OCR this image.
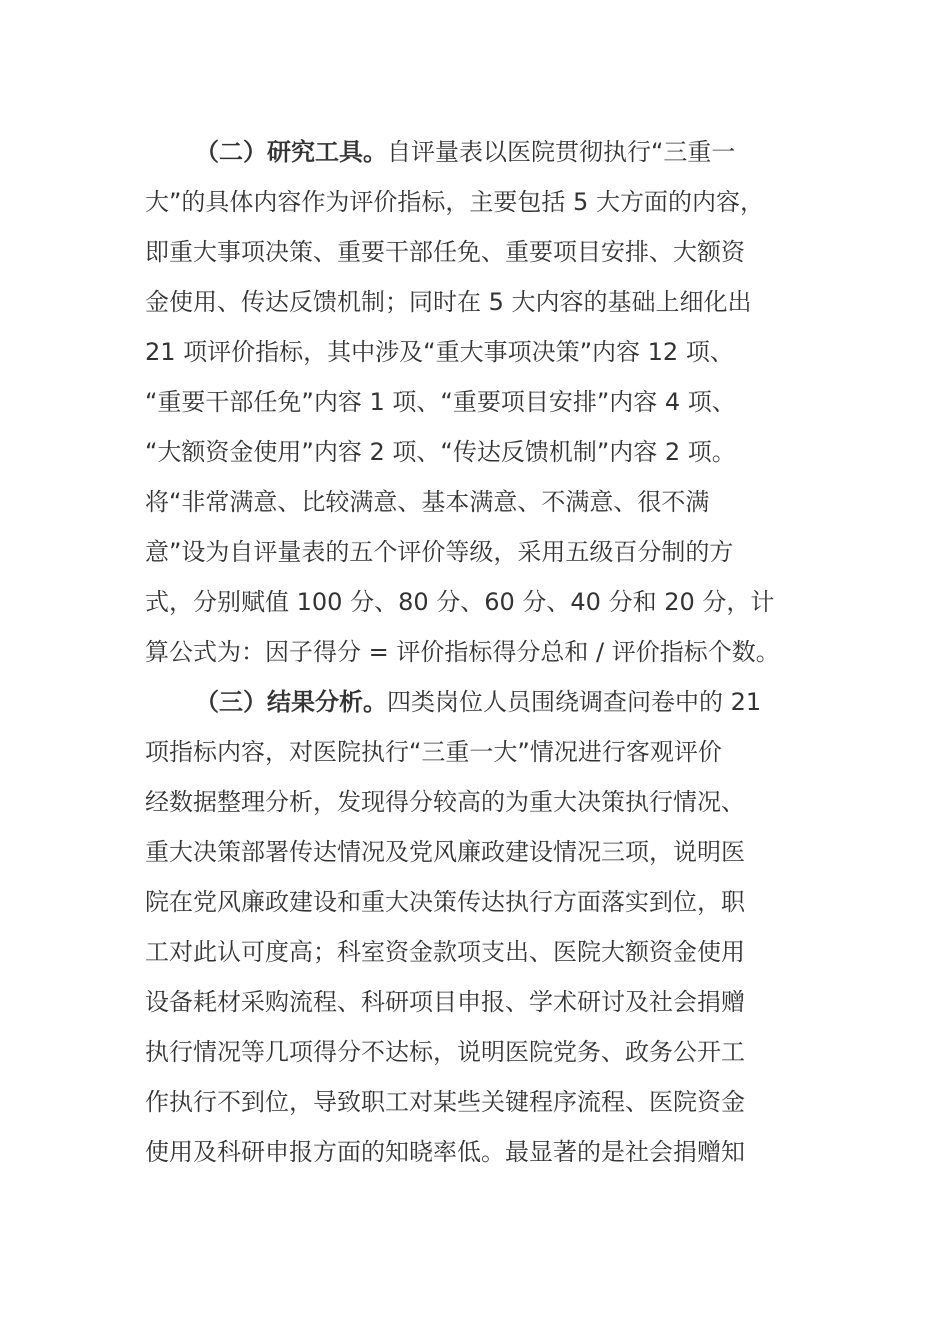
（二）研究工具。自评量表以医院贯彻执行“三重一
大”的具体内容作为评价指标，主要包括 5 大方面的内容，
即重大事项决策、重要干部任免、重要项目安排、大额资
金使用、传达反馈机制；同时在 5 大内容的基础上细化出
21 项评价指标，其中涉及“重大事项决策”内容 12 项、
“重要干部任免”内容 1 项、“重要项目安排”内容 4 项、
“大额资金使用”内容 2 项、“传达反馈机制”内容 2 项。
将“非常满意、比较满意、基本满意、不满意、很不满
意”设为自评量表的五个评价等级，采用五级百分制的方
式，分别赋值 100 分、80 分、60 分、40 分和 20 分，计
算公式为：因子得分 = 评价指标得分总和 / 评价指标个数。
（三）结果分析。四类岗位人员围绕调查问卷中的 21
项指标内容，对医院执行“三重一大”情况进行客观评价
经数据整理分析，发现得分较高的为重大决策执行情况、
重大决策部署传达情况及党风廉政建设情况三项，说明医
院在党风廉政建设和重大决策传达执行方面落实到位，职
工对此认可度高；科室资金款项支出、医院大额资金使用
设备耗材采购流程、科研项目申报、学术研讨及社会捐赠
执行情况等几项得分不达标，说明医院党务、政务公开工
作执行不到位，导致职工对某些关键程序流程、医院资金
使用及科研申报方面的知晓率低。最显著的是社会捐赠知
